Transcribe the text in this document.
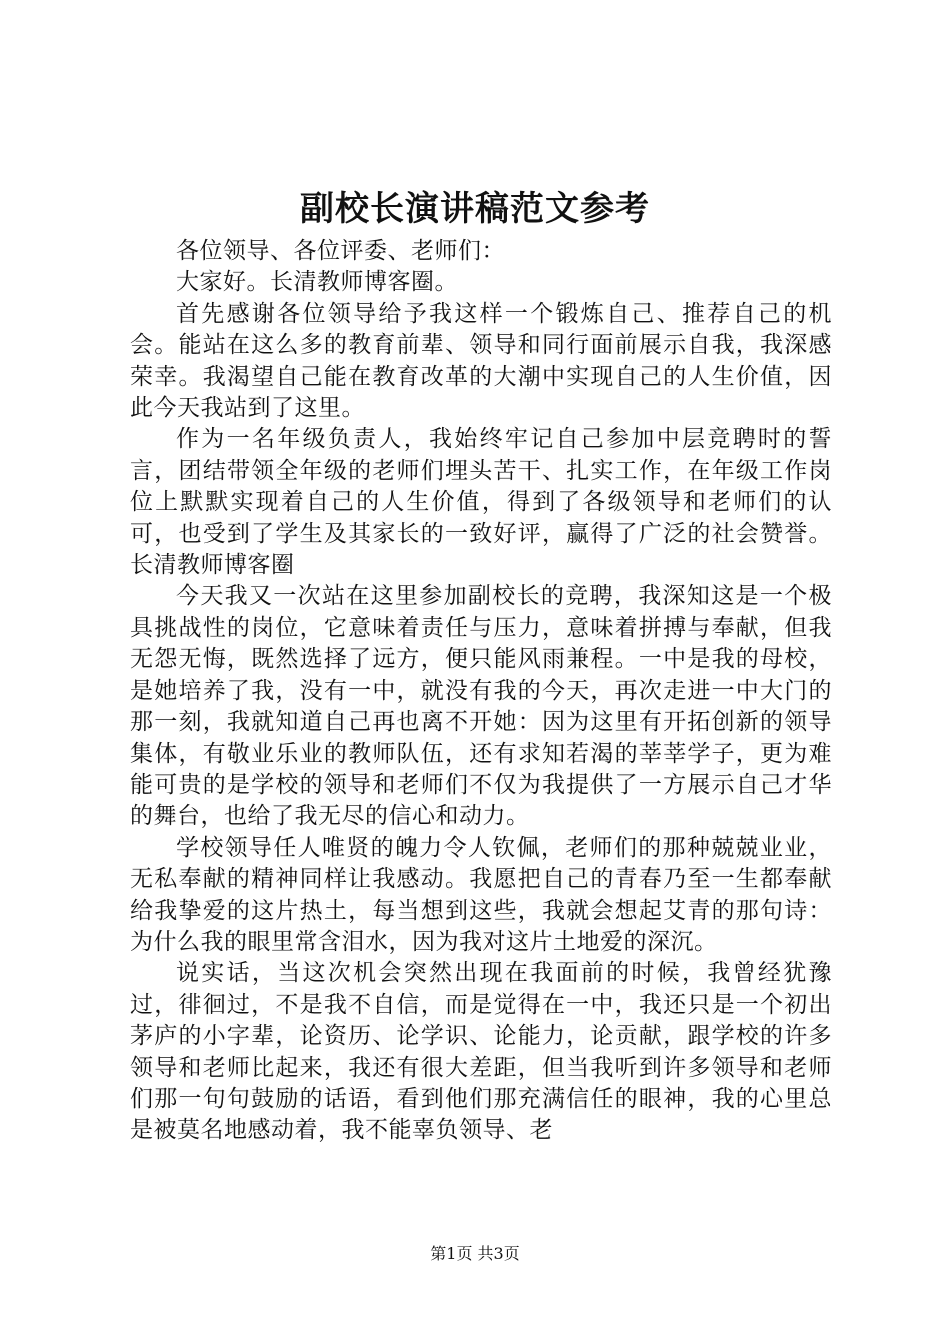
副校长演讲稿范文参考

各位领导、各位评委、老师们：

大家好。长清教师博客圈。

首先感谢各位领导给予我这样一个锻炼自己、推荐自己的机会。能站在这么多的教育前辈、领导和同行面前展示自我，我深感荣幸。我渴望自己能在教育改革的大潮中实现自己的人生价值，因此今天我站到了这里。

作为一名年级负责人，我始终牢记自己参加中层竞聘时的誓言，团结带领全年级的老师们埋头苦干、扎实工作，在年级工作岗位上默默实现着自己的人生价值，得到了各级领导和老师们的认可，也受到了学生及其家长的一致好评，赢得了广泛的社会赞誉。长清教师博客圈

今天我又一次站在这里参加副校长的竞聘，我深知这是一个极具挑战性的岗位，它意味着责任与压力，意味着拼搏与奉献，但我无怨无悔，既然选择了远方，便只能风雨兼程。一中是我的母校，是她培养了我，没有一中，就没有我的今天，再次走进一中大门的那一刻，我就知道自己再也离不开她：因为这里有开拓创新的领导集体，有敬业乐业的教师队伍，还有求知若渴的莘莘学子，更为难能可贵的是学校的领导和老师们不仅为我提供了一方展示自己才华的舞台，也给了我无尽的信心和动力。

学校领导任人唯贤的魄力令人钦佩，老师们的那种兢兢业业，无私奉献的精神同样让我感动。我愿把自己的青春乃至一生都奉献给我挚爱的这片热土，每当想到这些，我就会想起艾青的那句诗：为什么我的眼里常含泪水，因为我对这片土地爱的深沉。

说实话，当这次机会突然出现在我面前的时候，我曾经犹豫过，徘徊过，不是我不自信，而是觉得在一中，我还只是一个初出茅庐的小字辈，论资历、论学识、论能力，论贡献，跟学校的许多领导和老师比起来，我还有很大差距，但当我听到许多领导和老师们那一句句鼓励的话语，看到他们那充满信任的眼神，我的心里总是被莫名地感动着，我不能辜负领导、老

第1页 共3页
